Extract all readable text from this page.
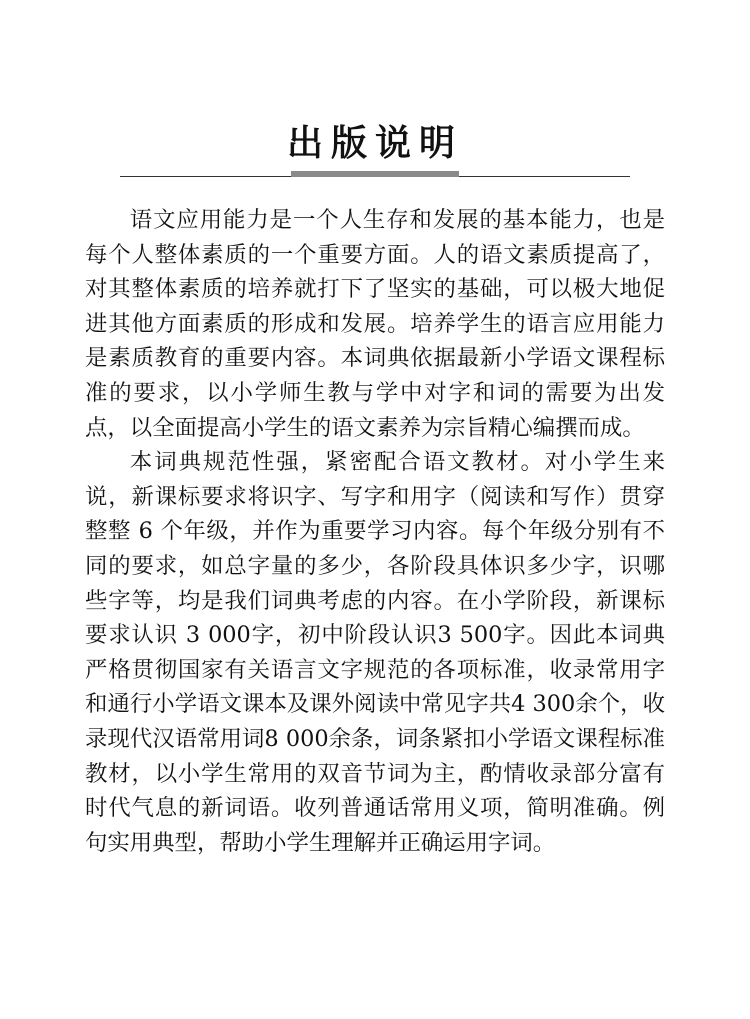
出版说明

语文应用能力是一个人生存和发展的基本能力，也是每个人整体素质的一个重要方面。人的语文素质提高了，对其整体素质的培养就打下了坚实的基础，可以极大地促进其他方面素质的形成和发展。培养学生的语言应用能力是素质教育的重要内容。本词典依据最新小学语文课程标准的要求，以小学师生教与学中对字和词的需要为出发点，以全面提高小学生的语文素养为宗旨精心编撰而成。

本词典规范性强，紧密配合语文教材。对小学生来说，新课标要求将识字、写字和用字（阅读和写作）贯穿整整 6 个年级，并作为重要学习内容。每个年级分别有不同的要求，如总字量的多少，各阶段具体识多少字，识哪些字等，均是我们词典考虑的内容。在小学阶段，新课标要求认识 3 000字，初中阶段认识3 500字。因此本词典严格贯彻国家有关语言文字规范的各项标准，收录常用字和通行小学语文课本及课外阅读中常见字共4 300余个，收录现代汉语常用词8 000余条，词条紧扣小学语文课程标准教材，以小学生常用的双音节词为主，酌情收录部分富有时代气息的新词语。收列普通话常用义项，简明准确。例句实用典型，帮助小学生理解并正确运用字词。
